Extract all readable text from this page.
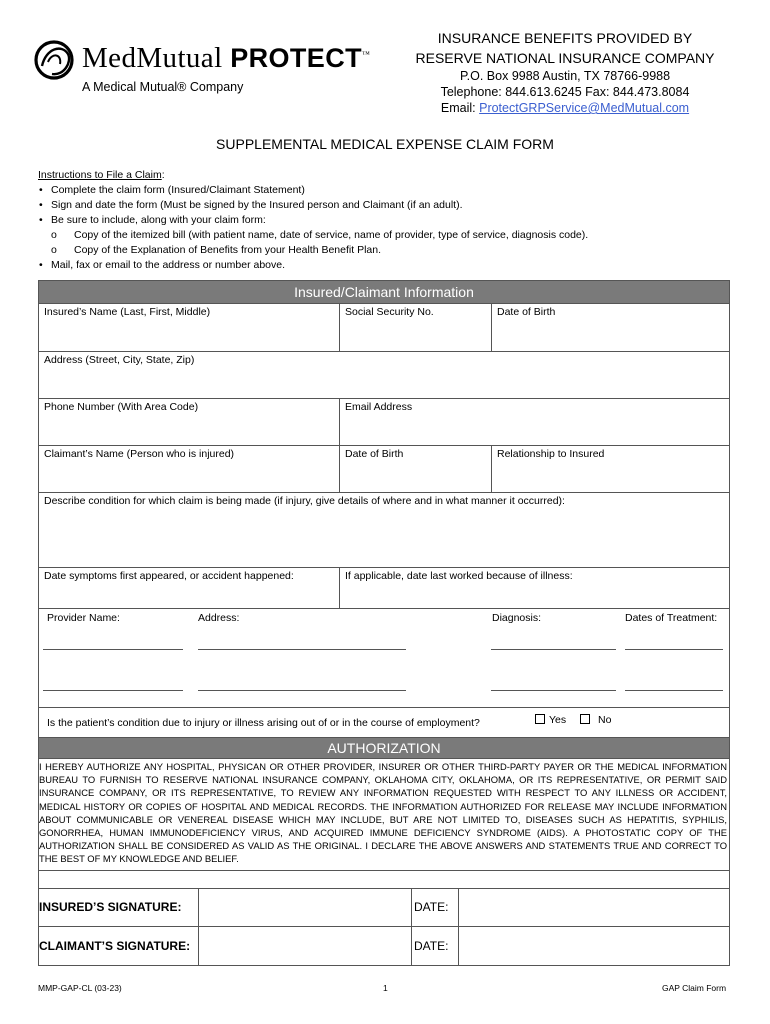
MedMutual PROTECT™
A Medical Mutual® Company
INSURANCE BENEFITS PROVIDED BY
RESERVE NATIONAL INSURANCE COMPANY
P.O. Box 9988 Austin, TX 78766-9988
Telephone: 844.613.6245 Fax: 844.473.8084
Email: ProtectGRPService@MedMutual.com
SUPPLEMENTAL MEDICAL EXPENSE CLAIM FORM
Instructions to File a Claim:
• Complete the claim form (Insured/Claimant Statement)
• Sign and date the form (Must be signed by the Insured person and Claimant (if an adult).
• Be sure to include, along with your claim form:
o Copy of the itemized bill (with patient name, date of service, name of provider, type of service, diagnosis code).
o Copy of the Explanation of Benefits from your Health Benefit Plan.
• Mail, fax or email to the address or number above.
Insured/Claimant Information
Insured’s Name (Last, First, Middle)	Social Security No.	Date of Birth
Address (Street, City, State, Zip)
Phone Number (With Area Code)	Email Address
Claimant’s Name (Person who is injured)	Date of Birth	Relationship to Insured
Describe condition for which claim is being made (if injury, give details of where and in what manner it occurred):
Date symptoms first appeared, or accident happened:	If applicable, date last worked because of illness:
Provider Name:	Address:	Diagnosis:	Dates of Treatment:
Is the patient’s condition due to injury or illness arising out of or in the course of employment?	Yes	No
AUTHORIZATION
I HEREBY AUTHORIZE ANY HOSPITAL, PHYSICAN OR OTHER PROVIDER, INSURER OR OTHER THIRD-PARTY PAYER OR THE MEDICAL INFORMATION BUREAU TO FURNISH TO RESERVE NATIONAL INSURANCE COMPANY, OKLAHOMA CITY, OKLAHOMA, OR ITS REPRESENTATIVE, OR PERMIT SAID INSURANCE COMPANY, OR ITS REPRESENTATIVE, TO REVIEW ANY INFORMATION REQUESTED WITH RESPECT TO ANY ILLNESS OR ACCIDENT, MEDICAL HISTORY OR COPIES OF HOSPITAL AND MEDICAL RECORDS. THE INFORMATION AUTHORIZED FOR RELEASE MAY INCLUDE INFORMATION ABOUT COMMUNICABLE OR VENEREAL DISEASE WHICH MAY INCLUDE, BUT ARE NOT LIMITED TO, DISEASES SUCH AS HEPATITIS, SYPHILIS, GONORRHEA, HUMAN IMMUNODEFICIENCY VIRUS, AND ACQUIRED IMMUNE DEFICIENCY SYNDROME (AIDS). A PHOTOSTATIC COPY OF THE AUTHORIZATION SHALL BE CONSIDERED AS VALID AS THE ORIGINAL. I DECLARE THE ABOVE ANSWERS AND STATEMENTS TRUE AND CORRECT TO THE BEST OF MY KNOWLEDGE AND BELIEF.
INSURED’S SIGNATURE:	DATE:
CLAIMANT’S SIGNATURE:	DATE:
MMP-GAP-CL (03-23)	1	GAP Claim Form
